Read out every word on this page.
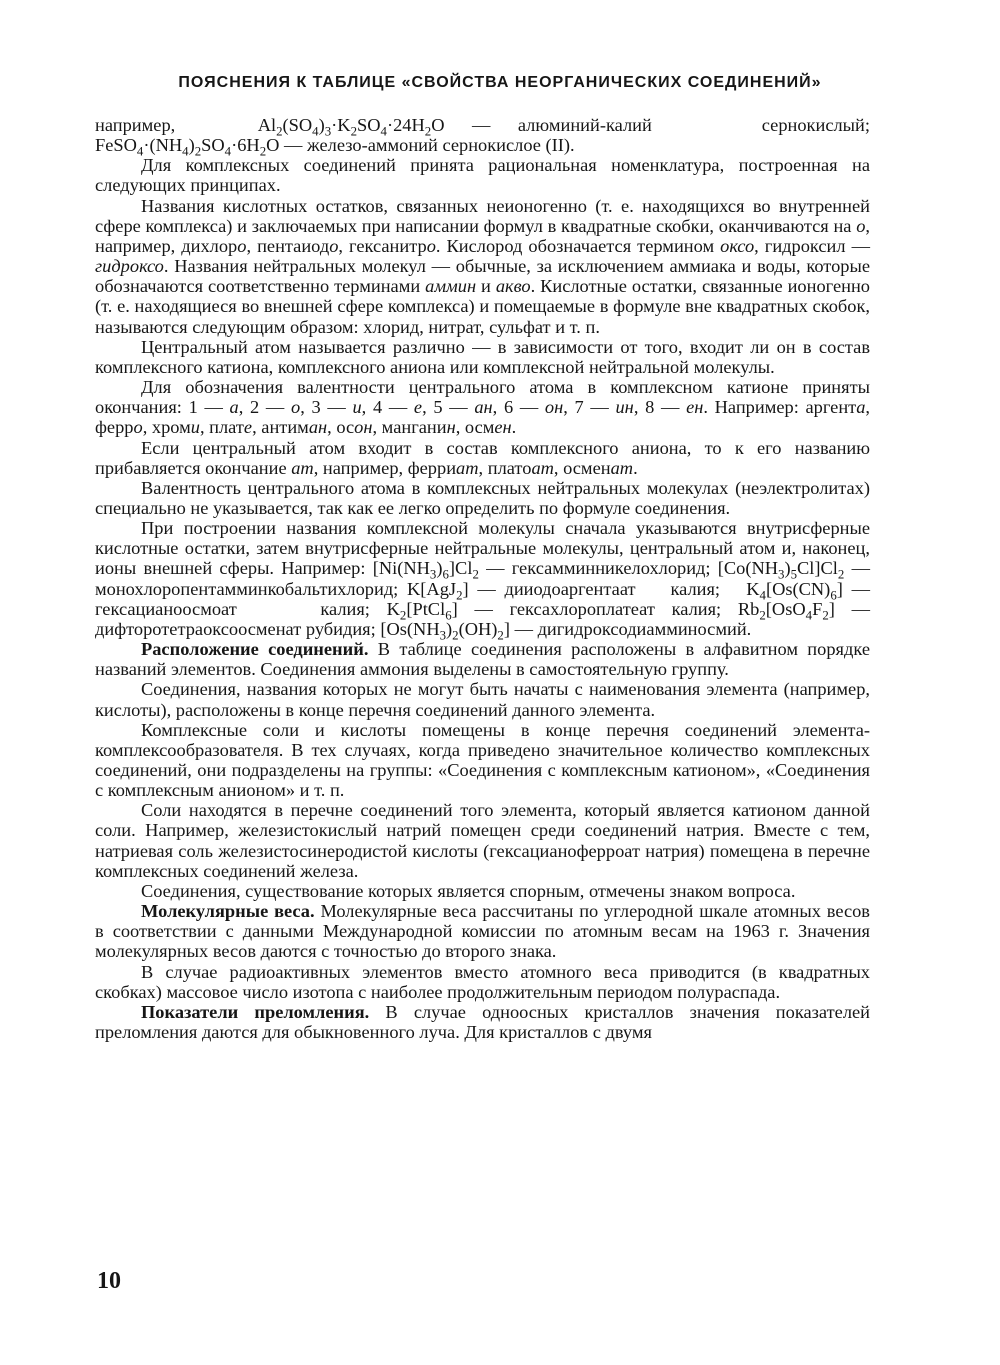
ПОЯСНЕНИЯ К ТАБЛИЦЕ «СВОЙСТВА НЕОРГАНИЧЕСКИХ СОЕДИНЕНИЙ»

например,      $Al_2(SO_4)_3\cdot K_2SO_4\cdot 24H_2O$  —  алюминий-калий        сернокислый; $FeSO_4\cdot(NH_4)_2SO_4\cdot 6H_2O$ — железо-аммоний сернокислое (II).

Для комплексных соединений принята рациональная номенклатура, построенная на следующих принципах.

Названия кислотных остатков, связанных неионогенно (т. е. находящихся во внутренней сфере комплекса) и заключаемых при написании формул в квадратные скобки, оканчиваются на о, например, дихлоро, пентаиодо, гексанитро. Кислород обозначается термином оксо, гидроксил — гидроксо. Названия нейтральных молекул — обычные, за исключением аммиака и воды, которые обозначаются соответственно терминами аммин и акво. Кислотные остатки, связанные ионогенно (т. е. находящиеся во внешней сфере комплекса) и помещаемые в формуле вне квадратных скобок, называются следующим образом: хлорид, нитрат, сульфат и т. п.

Центральный атом называется различно — в зависимости от того, входит ли он в состав комплексного катиона, комплексного аниона или комплексной нейтральной молекулы.

Для обозначения валентности центрального атома в комплексном катионе приняты окончания: 1 — а, 2 — о, 3 — и, 4 — е, 5 — ан, 6 — он, 7 — ин, 8 — ен. Например: аргента, ферро, хроми, плате, антиман, осон, манганин, осмен.

Если центральный атом входит в состав комплексного аниона, то к его названию прибавляется окончание ат, например, ферриат, платоат, осменат.

Валентность центрального атома в комплексных нейтральных молекулах (неэлектролитах) специально не указывается, так как ее легко определить по формуле соединения.

При построении названия комплексной молекулы сначала указываются внутрисферные кислотные остатки, затем внутрисферные нейтральные молекулы, центральный атом и, наконец, ионы внешней сферы. Например: $[Ni(NH_3)_6]Cl_2$ — гексамминникелохлорид; $[Co(NH_3)_5Cl]Cl_2$ — монохлоропентамминкобальтихлорид; K[AgJ$_2$] — дииодоаргентаат    калия;   $K_4[Os(CN)_6]$ — гексацианоосмоат     калия; $K_2[PtCl_6]$ — гексахлороплатеат калия; $Rb_2[OsO_4F_2]$ — дифторотетраоксоосменат рубидия; $[Os(NH_3)_2(OH)_2]$ — дигидроксодиамминосмий.

Расположение соединений. В таблице соединения расположены в алфавитном порядке названий элементов. Соединения аммония выделены в самостоятельную группу.

Соединения, названия которых не могут быть начаты с наименования элемента (например, кислоты), расположены в конце перечня соединений данного элемента.

Комплексные соли и кислоты помещены в конце перечня соединений элемента-комплексообразователя. В тех случаях, когда приведено значительное количество комплексных соединений, они подразделены на группы: «Соединения с комплексным катионом», «Соединения с комплексным анионом» и т. п.

Соли находятся в перечне соединений того элемента, который является катионом данной соли. Например, железистокислый натрий помещен среди соединений натрия. Вместе с тем, натриевая соль железистосинеродистой кислоты (гексацианоферроат натрия) помещена в перечне комплексных соединений железа.

Соединения, существование которых является спорным, отмечены знаком вопроса.

Молекулярные веса. Молекулярные веса рассчитаны по углеродной шкале атомных весов в соответствии с данными Международной комиссии по атомным весам на 1963 г. Значения молекулярных весов даются с точностью до второго знака.

В случае радиоактивных элементов вместо атомного веса приводится (в квадратных скобках) массовое число изотопа с наиболее продолжительным периодом полураспада.

Показатели преломления. В случае одноосных кристаллов значения показателей преломления даются для обыкновенного луча. Для кристаллов с двумя

10
